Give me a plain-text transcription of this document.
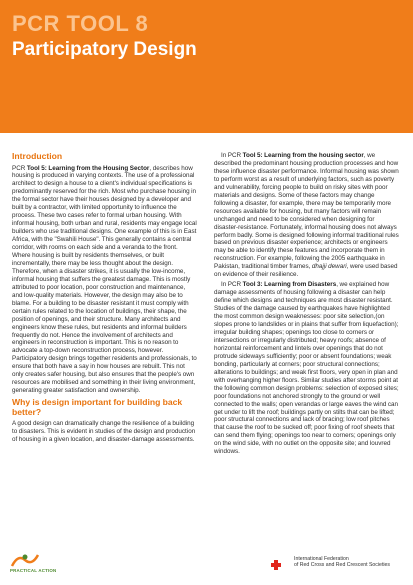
PCR TOOL 8
Participatory Design
Introduction

PCR Tool 5: Learning from the Housing Sector, describes how housing is produced in varying contexts. The use of a professional architect to design a house to a client's individual specifications is predominantly reserved for the rich. Most who purchase housing in the formal sector have their houses designed by a developer and built by a contractor, with limited opportunity to influence the process. These two cases refer to formal urban housing. With informal housing, both urban and rural, residents may engage local builders who use traditional designs. One example of this is in East Africa, with the "Swahili House". This generally contains a central corridor, with rooms on each side and a veranda to the front. Where housing is built by residents themselves, or built incrementally, there may be less thought about the design. Therefore, when a disaster strikes, it is usually the low-income, informal housing that suffers the greatest damage. This is mostly attributed to poor location, poor construction and maintenance, and low-quality materials. However, the design may also be to blame. For a building to be disaster resistant it must comply with certain rules related to the location of buildings, their shape, the position of openings, and their structure. Many architects and engineers know these rules, but residents and informal builders frequently do not. Hence the involvement of architects and engineers in reconstruction is important. This is no reason to advocate a top-down reconstruction process, however. Participatory design brings together residents and professionals, to ensure that both have a say in how houses are rebuilt. This not only creates safer housing, but also ensures that the people's own resources are mobilised and something in their living environment, generating greater satisfaction and ownership.

Why is design important for building back better?

A good design can dramatically change the resilience of a building to disasters. This is evident in studies of the design and production of housing in a given location, and disaster-damage assessments.

In PCR Tool 5: Learning from the housing sector, we described the predominant housing production processes and how these influence disaster performance. Informal housing was shown to perform worst as a result of underlying factors, such as poverty and vulnerability, forcing people to build on risky sites with poor materials and designs. Some of these factors may change following a disaster, for example, there may be temporarily more resources available for housing, but many factors will remain unchanged and need to be considered when designing for disaster-resistance. Fortunately, informal housing does not always perform badly. Some is designed following informal traditional rules based on previous disaster experience; architects or engineers may be able to identify these features and incorporate them in reconstruction. For example, following the 2005 earthquake in Pakistan, traditional timber frames, dhajji dewari, were used based on evidence of their resilience.

In PCR Tool 3: Learning from Disasters, we explained how damage assessments of housing following a disaster can help define which designs and techniques are most disaster resistant. Studies of the damage caused by earthquakes have highlighted the most common design weaknesses: poor site selection,(on slopes prone to landslides or in plains that suffer from liquefaction); irregular building shapes; openings too close to corners or intersections or irregularly distributed; heavy roofs; absence of horizontal reinforcement and lintels over openings that do not protrude sideways sufficiently; poor or absent foundations; weak bonding, particularly at corners; poor structural connections; alterations to buildings; and weak first floors, very open in plan and with overhanging higher floors. Similar studies after storms point at the following common design problems: selection of exposed sites; poor foundations not anchored strongly to the ground or well connected to the walls; open verandas or large eaves the wind can get under to lift the roof; buildings partly on stilts that can be lifted; poor structural connections and lack of bracing; low roof pitches that cause the roof to be sucked off; poor fixing of roof sheets that can send them flying; openings too near to corners; openings only on the wind side, with no outlet on the opposite site; and louvred windows.

PRACTICAL ACTION
International Federation
of Red Cross and Red Crescent Societies
